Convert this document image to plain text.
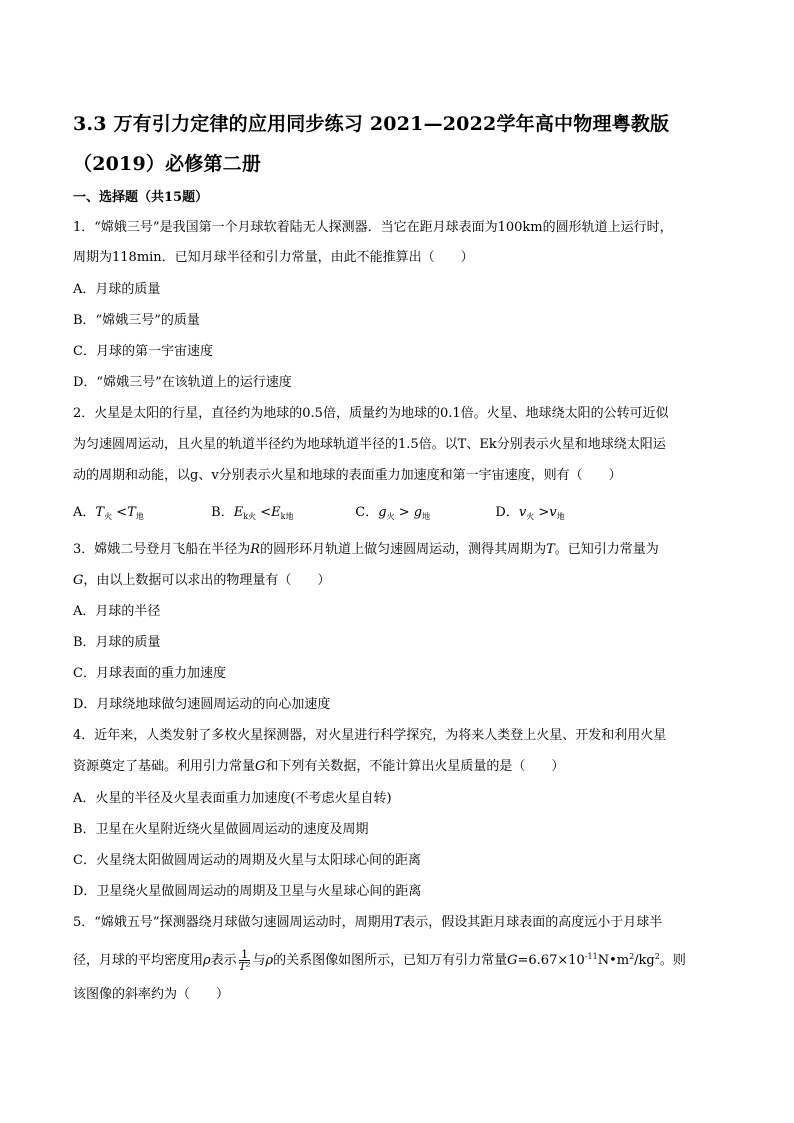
3.3 万有引力定律的应用同步练习 2021—2022学年高中物理粤教版
（2019）必修第二册
一、选择题（共15题）
1．“嫦娥三号”是我国第一个月球软着陆无人探测器．当它在距月球表面为100km的圆形轨道上运行时，
周期为118min．已知月球半径和引力常量，由此不能推算出（　　）
A．月球的质量
B．“嫦娥三号”的质量
C．月球的第一宇宙速度
D．“嫦娥三号”在该轨道上的运行速度
2．火星是太阳的行星，直径约为地球的0.5倍，质量约为地球的0.1倍。火星、地球绕太阳的公转可近似
为匀速圆周运动，且火星的轨道半径约为地球轨道半径的1.5倍。以T、Ek分别表示火星和地球绕太阳运
动的周期和动能，以g、v分别表示火星和地球的表面重力加速度和第一宇宙速度，则有（　　）
A．$T_火 <T_地$	B．$E_{k火} <E_{k地}$	C．$g_火 > g_地$	D．$v_火 >v_地$
3．嫦娥二号登月飞船在半径为R的圆形环月轨道上做匀速圆周运动，测得其周期为T。已知引力常量为
G，由以上数据可以求出的物理量有（　　）
A．月球的半径
B．月球的质量
C．月球表面的重力加速度
D．月球绕地球做匀速圆周运动的向心加速度
4．近年来，人类发射了多枚火星探测器，对火星进行科学探究，为将来人类登上火星、开发和利用火星
资源奠定了基础。利用引力常量G和下列有关数据，不能计算出火星质量的是（　　）
A．火星的半径及火星表面重力加速度(不考虑火星自转)
B．卫星在火星附近绕火星做圆周运动的速度及周期
C．火星绕太阳做圆周运动的周期及火星与太阳球心间的距离
D．卫星绕火星做圆周运动的周期及卫星与火星球心间的距离
5．“嫦娥五号”探测器绕月球做匀速圆周运动时，周期用T表示，假设其距月球表面的高度远小于月球半
径，月球的平均密度用ρ表示 $\frac{1}{\text{T²}}$ 与ρ的关系图像如图所示，已知万有引力常量$G=6.67\times 10^{-11}N•m^2/kg^2$。则
该图像的斜率约为（　　）
